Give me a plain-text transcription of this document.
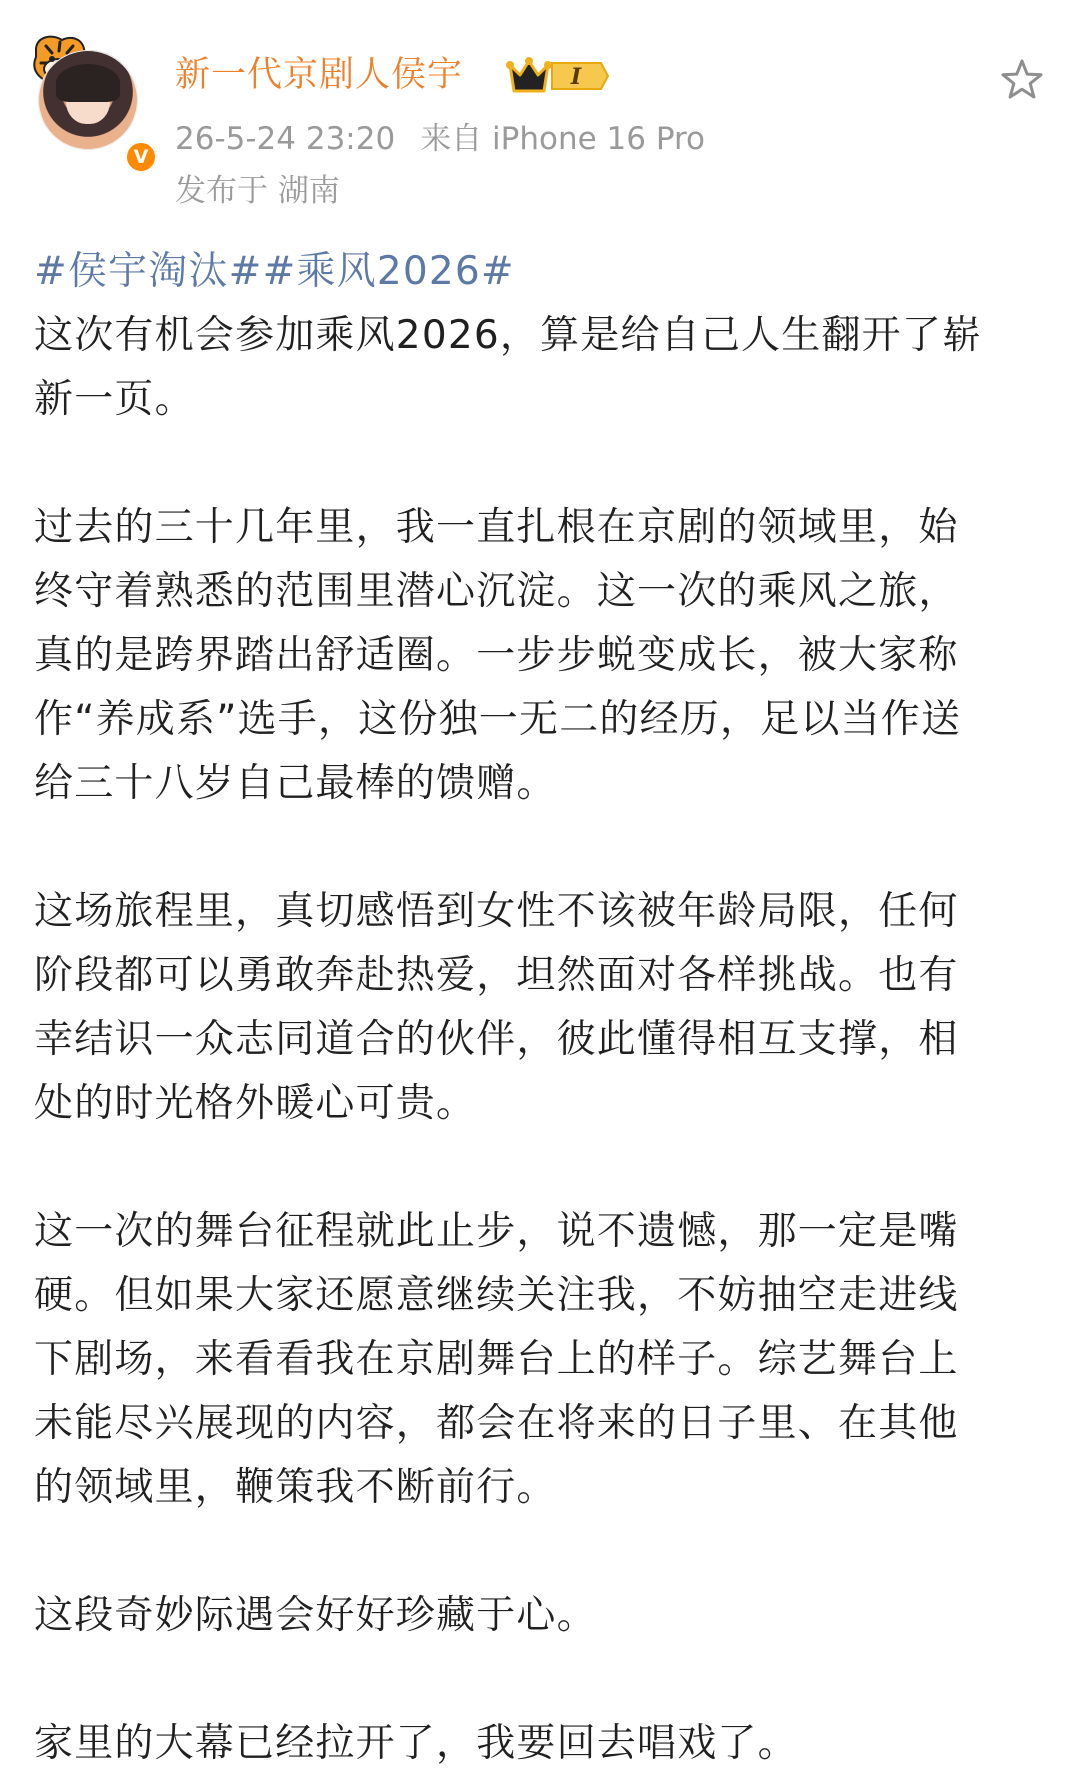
V
新一代京剧人侯宇	I
26-5-24 23:20 来自 iPhone 16 Pro
发布于 湖南
#侯宇淘汰##乘风2026#
这次有机会参加乘风2026，算是给自己人生翻开了崭
新一页。
过去的三十几年里，我一直扎根在京剧的领域里，始
终守着熟悉的范围里潜心沉淀。这一次的乘风之旅，
真的是跨界踏出舒适圈。一步步蜕变成长，被大家称
作“养成系”选手，这份独一无二的经历，足以当作送
给三十八岁自己最棒的馈赠。
这场旅程里，真切感悟到女性不该被年龄局限，任何
阶段都可以勇敢奔赴热爱，坦然面对各样挑战。也有
幸结识一众志同道合的伙伴，彼此懂得相互支撑，相
处的时光格外暖心可贵。
这一次的舞台征程就此止步，说不遗憾，那一定是嘴
硬。但如果大家还愿意继续关注我，不妨抽空走进线
下剧场，来看看我在京剧舞台上的样子。综艺舞台上
未能尽兴展现的内容，都会在将来的日子里、在其他
的领域里，鞭策我不断前行。
这段奇妙际遇会好好珍藏于心。
家里的大幕已经拉开了，我要回去唱戏了。
